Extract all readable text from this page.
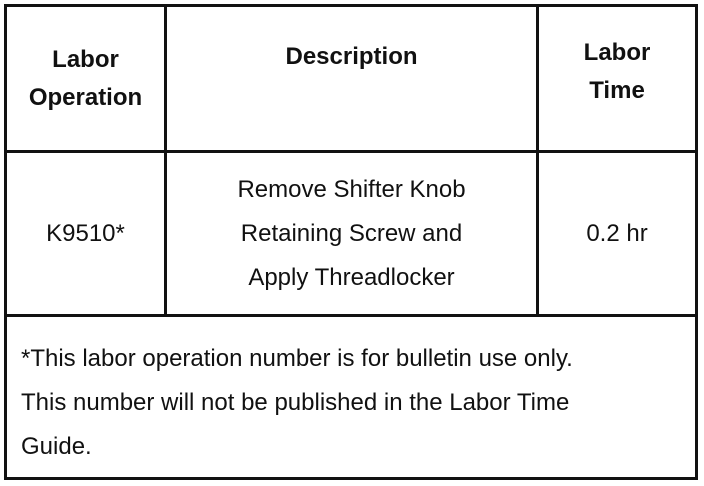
Labor Operation
Description	Labor Time
K9510*
Remove Shifter Knob Retaining Screw and Apply Threadlocker
0.2 hr
*This labor operation number is for bulletin use only. This number will not be published in the Labor Time Guide.
